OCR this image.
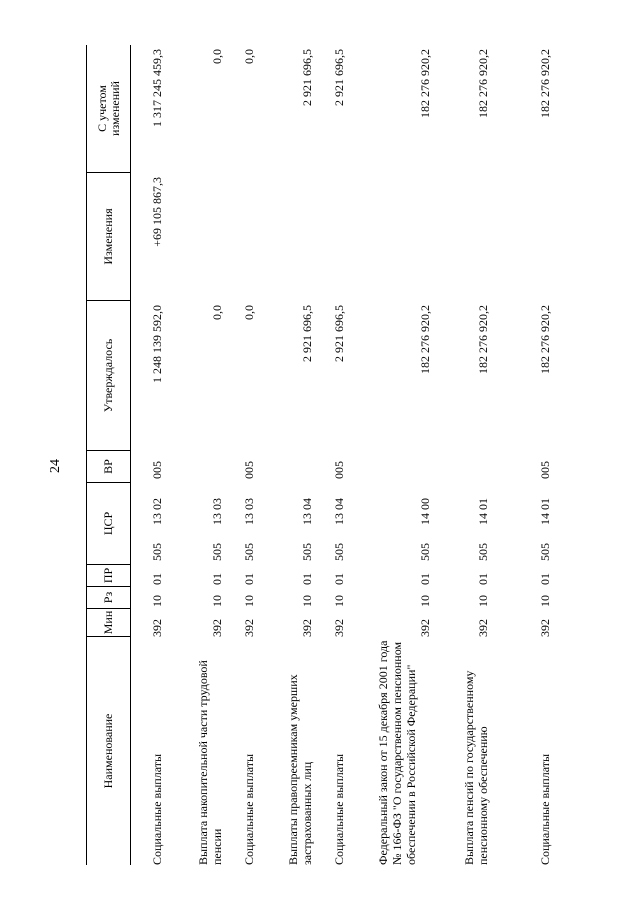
24
Наименование
Мин
Рз
ПР
ЦСР
ВР
Утверждалось
Изменения
С учетом изменений
Социальные выплаты
392
10
01
505
13 02
005
1 248 139 592,0
+69 105 867,3
1 317 245 459,3
Выплата накопительной части трудовой пенсии
392
10
01
505
13 03
0,0
0,0
Социальные выплаты
392
10
01
505
13 03
005
0,0
0,0
Выплаты правопреемникам умерших застрахованных лиц
392
10
01
505
13 04
2 921 696,5
2 921 696,5
Социальные выплаты
392
10
01
505
13 04
005
2 921 696,5
2 921 696,5
Федеральный закон от 15 декабря 2001 года № 166-ФЗ "О государственном пенсионном обеспечении в Российской Федерации"
392
10
01
505
14 00
182 276 920,2
182 276 920,2
Выплата пенсий по государственному пенсионному обеспечению
392
10
01
505
14 01
182 276 920,2
182 276 920,2
Социальные выплаты
392
10
01
505
14 01
005
182 276 920,2
182 276 920,2
